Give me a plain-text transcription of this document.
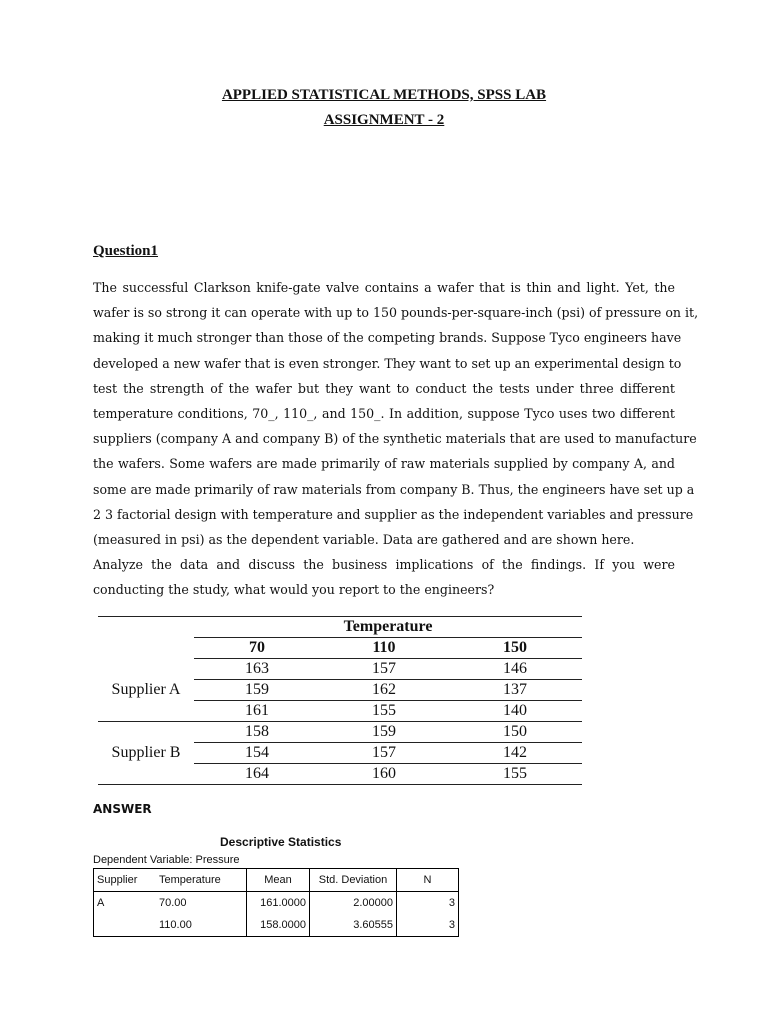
APPLIED STATISTICAL METHODS, SPSS LAB
ASSIGNMENT - 2
Question1
The successful Clarkson knife-gate valve contains a wafer that is thin and light. Yet, the
wafer is so strong it can operate with up to 150 pounds-per-square-inch (psi) of pressure on it,
making it much stronger than those of the competing brands. Suppose Tyco engineers have
developed a new wafer that is even stronger. They want to set up an experimental design to
test the strength of the wafer but they want to conduct the tests under three different
temperature conditions, 70_, 110_, and 150_. In addition, suppose Tyco uses two different
suppliers (company A and company B) of the synthetic materials that are used to manufacture
the wafers. Some wafers are made primarily of raw materials supplied by company A, and
some are made primarily of raw materials from company B. Thus, the engineers have set up a
2 3 factorial design with temperature and supplier as the independent variables and pressure
(measured in psi) as the dependent variable. Data are gathered and are shown here.
Analyze the data and discuss the business implications of the findings. If you were
conducting the study, what would you report to the engineers?
	Temperature		
	70	110	150
Supplier A	163	157	146
	159	162	137
	161	155	140
Supplier B	158	159	150
	154	157	142
	164	160	155
ANSWER
Descriptive Statistics
Dependent Variable: Pressure
Supplier	Temperature	Mean	Std. Deviation	N
A	70.00	161.0000	2.00000	3
	110.00	158.0000	3.60555	3
